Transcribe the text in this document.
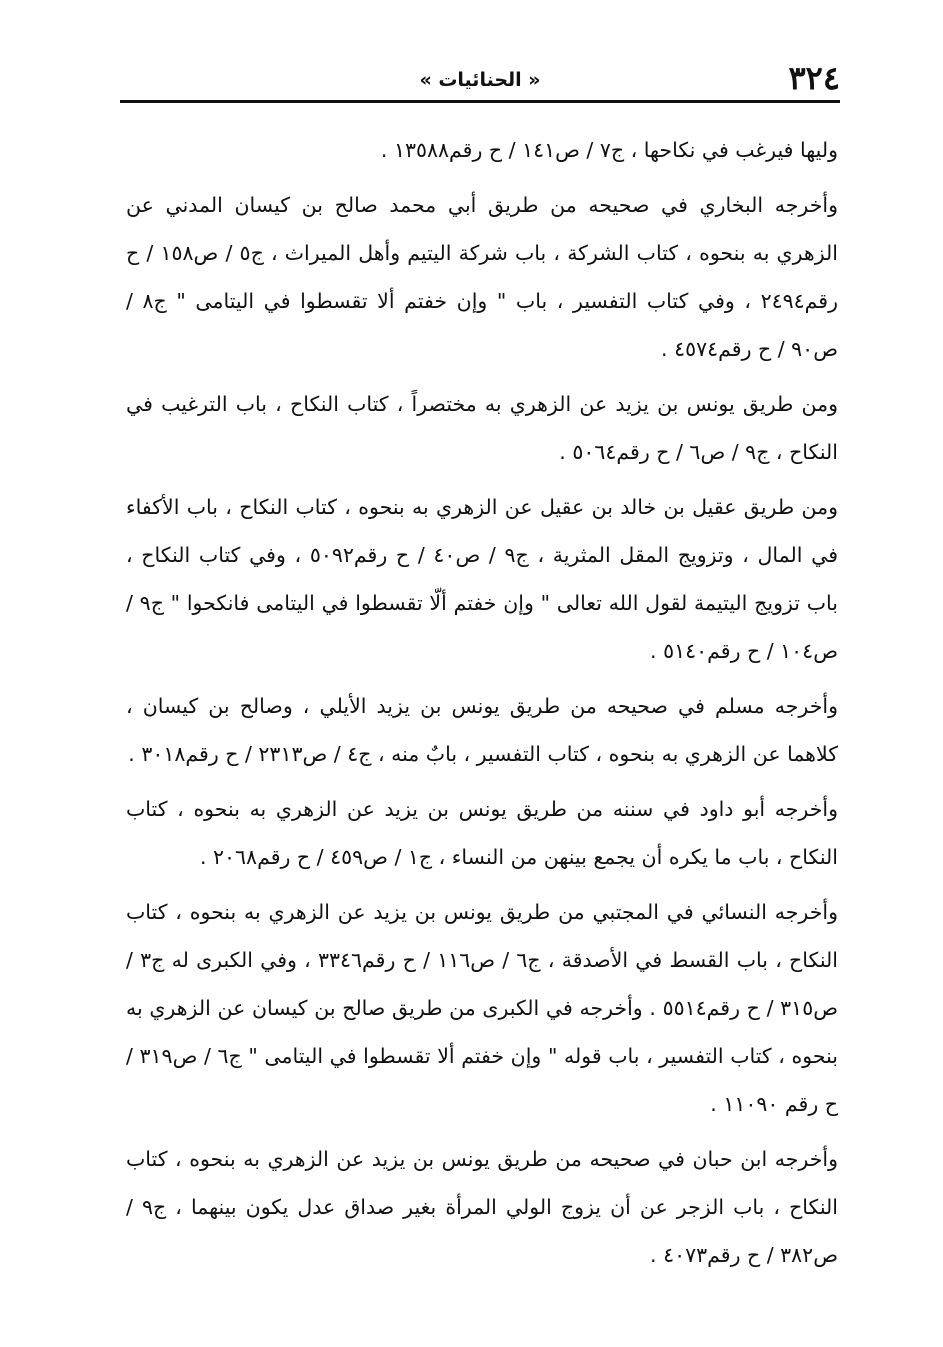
٣٢٤
« الحنائيات »

وليها فيرغب في نكاحها ، ج٧ / ص١٤١ / ح رقم١٣٥٨٨ .

وأخرجه البخاري في صحيحه من طريق أبي محمد صالح بن كيسان المدني عن الزهري به بنحوه ، كتاب الشركة ، باب شركة اليتيم وأهل الميراث ، ج٥ / ص١٥٨ / ح رقم٢٤٩٤ ، وفي كتاب التفسير ، باب " وإن خفتم ألا تقسطوا في اليتامى " ج٨ / ص٩٠ / ح رقم٤٥٧٤ .

ومن طريق يونس بن يزيد عن الزهري به مختصراً ، كتاب النكاح ، باب الترغيب في النكاح ، ج٩ / ص٦ / ح رقم٥٠٦٤ .

ومن طريق عقيل بن خالد بن عقيل عن الزهري به بنحوه ، كتاب النكاح ، باب الأكفاء في المال ، وتزويج المقل المثرية ، ج٩ / ص٤٠ / ح رقم٥٠٩٢ ، وفي كتاب النكاح ، باب تزويج اليتيمة لقول الله تعالى " وإن خفتم ألّا تقسطوا في اليتامى فانكحوا " ج٩ / ص١٠٤ / ح رقم٥١٤٠ .

وأخرجه مسلم في صحيحه من طريق يونس بن يزيد الأيلي ، وصالح بن كيسان ، كلاهما عن الزهري به بنحوه ، كتاب التفسير ، بابٌ منه ، ج٤ / ص٢٣١٣ / ح رقم٣٠١٨ .

وأخرجه أبو داود في سننه من طريق يونس بن يزيد عن الزهري به بنحوه ، كتاب النكاح ، باب ما يكره أن يجمع بينهن من النساء ، ج١ / ص٤٥٩ / ح رقم٢٠٦٨ .

وأخرجه النسائي في المجتبي من طريق يونس بن يزيد عن الزهري به بنحوه ، كتاب النكاح ، باب القسط في الأصدقة ، ج٦ / ص١١٦ / ح رقم٣٣٤٦ ، وفي الكبرى له ج٣ / ص٣١٥ / ح رقم٥٥١٤ . وأخرجه في الكبرى من طريق صالح بن كيسان عن الزهري به بنحوه ، كتاب التفسير ، باب قوله " وإن خفتم ألا تقسطوا في اليتامى " ج٦ / ص٣١٩ / ح رقم ١١٠٩٠ .

وأخرجه ابن حبان في صحيحه من طريق يونس بن يزيد عن الزهري به بنحوه ، كتاب النكاح ، باب الزجر عن أن يزوج الولي المرأة بغير صداق عدل يكون بينهما ، ج٩ / ص٣٨٢ / ح رقم٤٠٧٣ .
